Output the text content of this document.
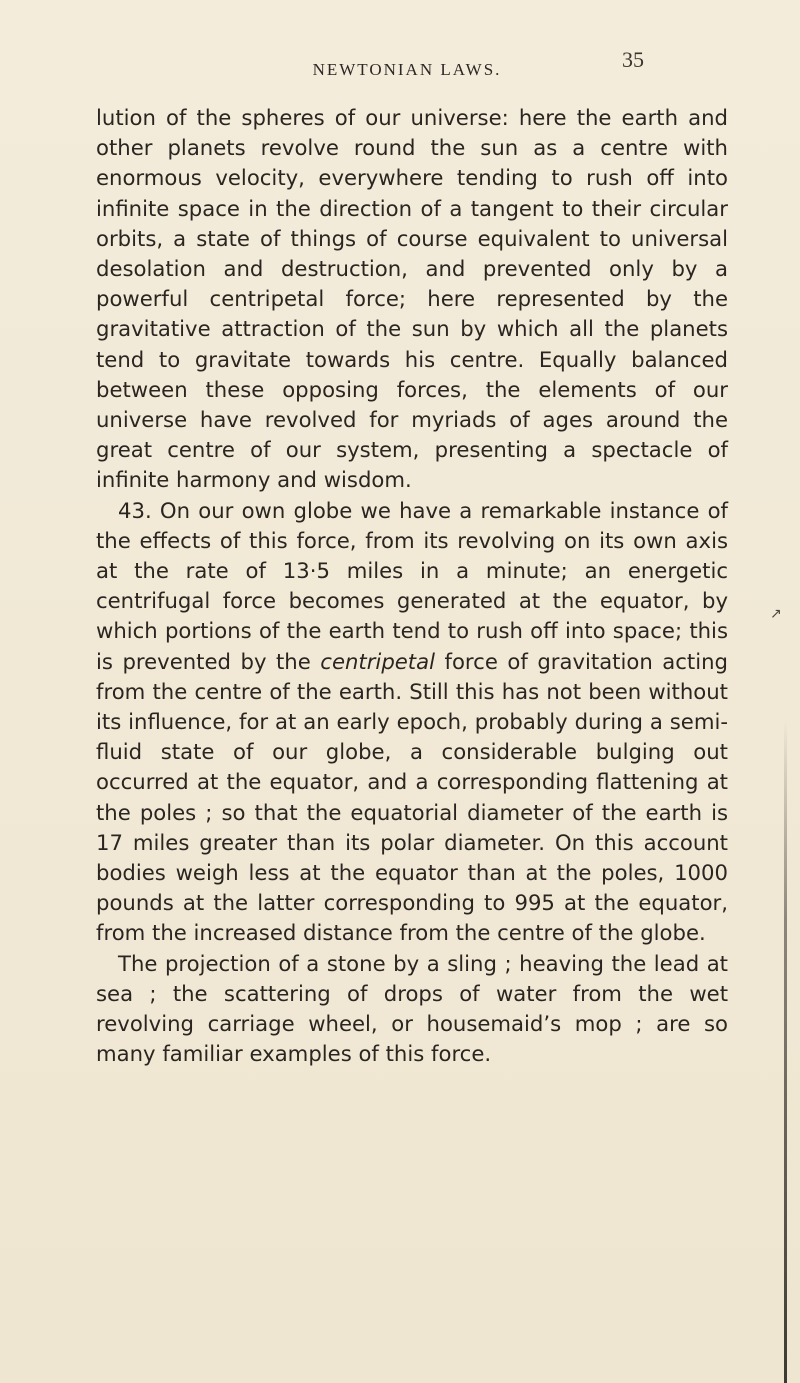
NEWTONIAN LAWS.	35

lution of the spheres of our universe: here the earth and other planets revolve round the sun as a centre with enormous velocity, everywhere tending to rush off into infinite space in the direction of a tangent to their circular orbits, a state of things of course equivalent to universal desolation and destruction, and prevented only by a powerful centripetal force; here represented by the gravitative attraction of the sun by which all the planets tend to gravitate towards his centre. Equally balanced between these opposing forces, the elements of our universe have revolved for myriads of ages around the great centre of our system, presenting a spectacle of infinite harmony and wisdom.

43. On our own globe we have a remarkable instance of the effects of this force, from its revolving on its own axis at the rate of 13·5 miles in a minute; an energetic centrifugal force becomes generated at the equator, by which portions of the earth tend to rush off into space; this is prevented by the centripetal force of gravitation acting from the centre of the earth. Still this has not been without its influence, for at an early epoch, probably during a semi-fluid state of our globe, a considerable bulging out occurred at the equator, and a corresponding flattening at the poles ; so that the equatorial diameter of the earth is 17 miles greater than its polar diameter. On this account bodies weigh less at the equator than at the poles, 1000 pounds at the latter corresponding to 995 at the equator, from the increased distance from the centre of the globe.

The projection of a stone by a sling ; heaving the lead at sea ; the scattering of drops of water from the wet revolving carriage wheel, or housemaid’s mop ; are so many familiar examples of this force.

↗
